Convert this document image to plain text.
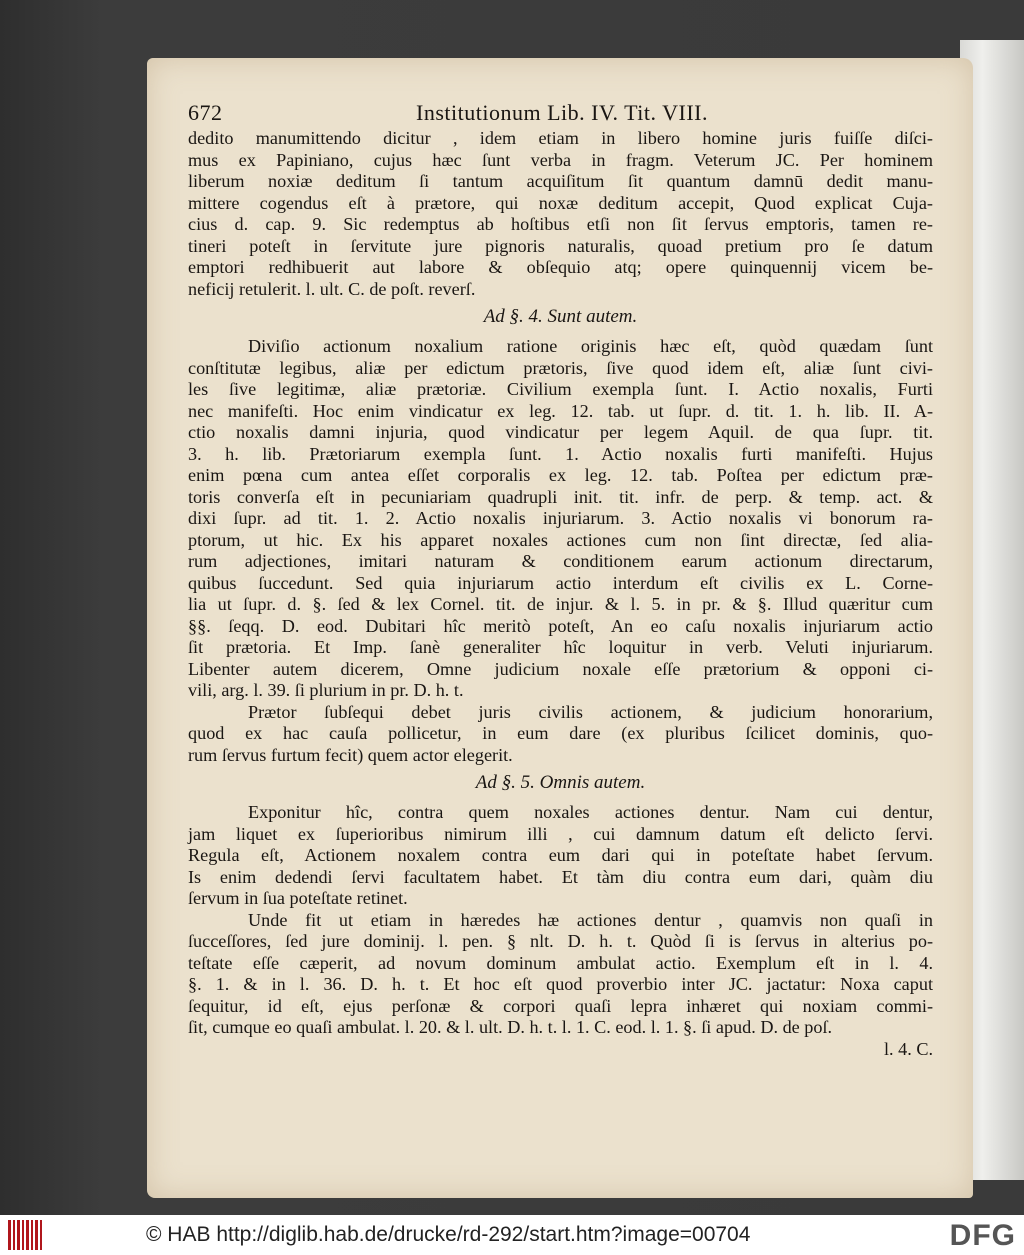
672	Institutionum Lib. IV. Tit. VIII.
dedito manumittendo dicitur , idem etiam in libero homine juris fuiſſe diſci-
mus ex Papiniano, cujus hæc ſunt verba in fragm. Veterum JC. Per hominem
liberum noxiæ deditum ſi tantum acquiſitum ſit quantum damnū dedit manu-
mittere cogendus eſt à prætore, qui noxæ deditum accepit, Quod explicat Cuja-
cius d. cap. 9. Sic redemptus ab hoſtibus etſi non ſit ſervus emptoris, tamen re-
tineri poteſt in ſervitute jure pignoris naturalis, quoad pretium pro ſe datum
emptori redhibuerit aut labore & obſequio atq; opere quinquennij vicem be-
neficij retulerit. l. ult. C. de poſt. reverſ.
Ad §. 4. Sunt autem.
Diviſio actionum noxalium ratione originis hæc eſt, quòd quædam ſunt
conſtitutæ legibus, aliæ per edictum prætoris, ſive quod idem eſt, aliæ ſunt civi-
les ſive legitimæ, aliæ prætoriæ. Civilium exempla ſunt. I. Actio noxalis, Furti
nec manifeſti. Hoc enim vindicatur ex leg. 12. tab. ut ſupr. d. tit. 1. h. lib. II. A-
ctio noxalis damni injuria, quod vindicatur per legem Aquil. de qua ſupr. tit.
3. h. lib. Prætoriarum exempla ſunt. 1. Actio noxalis furti manifeſti. Hujus
enim pœna cum antea eſſet corporalis ex leg. 12. tab. Poſtea per edictum præ-
toris converſa eſt in pecuniariam quadrupli init. tit. infr. de perp. & temp. act. &
dixi ſupr. ad tit. 1. 2. Actio noxalis injuriarum. 3. Actio noxalis vi bonorum ra-
ptorum, ut hic. Ex his apparet noxales actiones cum non ſint directæ, ſed alia-
rum adjectiones, imitari naturam & conditionem earum actionum directarum,
quibus ſuccedunt. Sed quia injuriarum actio interdum eſt civilis ex L. Corne-
lia ut ſupr. d. §. ſed & lex Cornel. tit. de injur. & l. 5. in pr. & §. Illud quæritur cum
§§. ſeqq. D. eod. Dubitari hîc meritò poteſt, An eo caſu noxalis injuriarum actio
ſit prætoria. Et Imp. ſanè generaliter hîc loquitur in verb. Veluti injuriarum.
Libenter autem dicerem, Omne judicium noxale eſſe prætorium & opponi ci-
vili, arg. l. 39. ſi plurium in pr. D. h. t.
Prætor ſubſequi debet juris civilis actionem, & judicium honorarium,
quod ex hac cauſa pollicetur, in eum dare (ex pluribus ſcilicet dominis, quo-
rum ſervus furtum fecit) quem actor elegerit.
Ad §. 5. Omnis autem.
Exponitur hîc, contra quem noxales actiones dentur. Nam cui dentur,
jam liquet ex ſuperioribus nimirum illi , cui damnum datum eſt delicto ſervi.
Regula eſt, Actionem noxalem contra eum dari qui in poteſtate habet ſervum.
Is enim dedendi ſervi facultatem habet. Et tàm diu contra eum dari, quàm diu
ſervum in ſua poteſtate retinet.
Unde fit ut etiam in hæredes hæ actiones dentur , quamvis non quaſi in
ſucceſſores, ſed jure dominij. l. pen. § nlt. D. h. t. Quòd ſi is ſervus in alterius po-
teſtate eſſe cæperit, ad novum dominum ambulat actio. Exemplum eſt in l. 4.
§. 1. & in l. 36. D. h. t. Et hoc eſt quod proverbio inter JC. jactatur: Noxa caput
ſequitur, id eſt, ejus perſonæ & corpori quaſi lepra inhæret qui noxiam commi-
ſit, cumque eo quaſi ambulat. l. 20. & l. ult. D. h. t. l. 1. C. eod. l. 1. §. ſi apud. D. de poſ.
l. 4. C.
© HAB http://diglib.hab.de/drucke/rd-292/start.htm?image=00704	DFG
